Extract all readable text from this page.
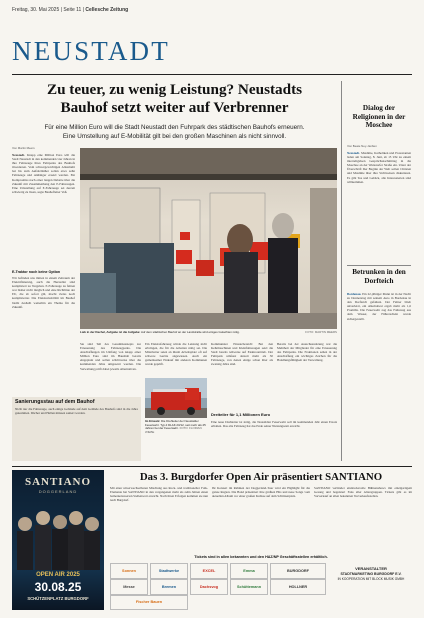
Freitag, 30. Mai 2025 | Seite 11 | Cellesche Zeitung
NEUSTADT
Zu teuer, zu wenig Leistung? Neustadts
Bauhof setzt weiter auf Verbrenner
Für eine Million Euro will die Stadt Neustadt den Fuhrpark des städtischen Bauhofs erneuern.
Eine Umstellung auf E-Mobilität gilt bei den großen Maschinen als nicht sinnvoll.
Von Martin Meers
Neustadt. Knapp eine Million Euro will die Stadt Neustadt in den kommenden vier Jahren in ihre Fahrzeuge ihres Fuhrparks des Bauhofs investieren. Vom schwergewichtigen Allesmulti bei bis zum Aufsitzmäher sollen etwa zehn Fahrzeuge und Anhänger ersetzt werden. Ein Kompromiss nach einer langen Debatte über die Zukunft mit Zusammenhang den E-Fahrzeugen. Eine Umstellung auf E-Fahrzeuge sei derzeit schwierig zu lösen, sagte Bauhofleiter Voß.
E-Traktor noch keine Option
Wir befinden uns mitten in einem Zeitraum der Elektrifizierung, auch die Hersteller sind kompliziert zu Vergeben. E-Fahrzeuge zu fahren war bisher nicht möglich und eine Richtlinie der EU, die ab sofort gilt, macht vieles noch komplizierter. Die Elektromobilität im Bauhof bleibt deshalb weiterhin ein Thema für die Zukunft.
Lieb in der Dachel, Aufgabe ist die Aufgabe: Auf dem städtischen Bauhof an der Landstraße wird einiges Gutachten nötig.	FOTO: MARTIN MEERS
Sie sind Teil des Gesamtkonzepts zur Erneuerung des Fahrzeugparks. Die Anschaffungen im Umfang von knapp einer Million Euro sind im Haushalt bereits eingeplant und sollen schrittweise über die kommenden Jahre umgesetzt werden. Die Verwaltung prüft dabei jeweils Alternativen.
Ein Elektrofahrzeug würde die Leistung nicht erbringen, die für die Arbeiten nötig sei. Die Mitarbeiter seien an ihrem Arbeitsplatz oft auf schwere Geräte angewiesen. Auch ein gemeinsamer Einkauf mit anderen Kommunen wurde geprüft.
Kommunaler Einsatzbereich: Bei den Kehrmaschinen und Kleinfahrzeugen setzt die Stadt bereits teilweise auf Elektroantrieb. Der Fuhrpark umfasst derzeit mehr als 30 Fahrzeuge, von denen einige schon älter als zwanzig Jahre sind.
Bereits bei der Ausschusssitzung war die Mehrheit der Mitglieder für eine Erneuerung des Fuhrparks. Die Fraktionen sehen in der Anschaffung ein wichtiges Zeichen für die Handlungsfähigkeit der Verwaltung.
Im Einsatz: Die Drehleiter der Neustädter Feuerwehr. Typ d DLAK 23/12, seit mehr als 25 Jahren bei der Feuerwehr. FOTO: FLORIAN WIEBE
Dreiteiler für 1,1 Millionen Euro
Eine neue Drehleiter ist nötig, die Neustädter Feuerwehr soll im kommenden Jahr einen Ersatz erhalten. Das alte Fahrzeug hat das Ende seiner Nutzungszeit erreicht.
Sanierungsstau auf dem Bauhof
Nicht nur die Fahrzeuge, auch einige Gebäude auf dem Gelände des Bauhofs sind in die Jahre gekommen. Dächer und Hallen müssen saniert werden.
Dialog der Religionen in der Moschee
Von Beate Ney-Janßen
Neustadt. Muslime, Katholiken und Protestanten laden am Sonntag, 8. Juni, ab 15 Uhr zu einem interreligiösen Gesprächsnachmittag in die Moschee an der Wunstorfer Straße ein. Unter der Überschrift Der Beginn der Welt sollen Christen und Muslime über ihre Sichtweisen diskutieren. Es gibt Tee und Gebäck, alle Interessierten sind willkommen.
Betrunken in den Dorfteich
Bordenau. Ein 22-jähriger Mann ist in der Nacht zu Donnerstag mit seinem Auto in Bordenau in den Dorfteich gefahren. Der Fahrer blieb unverletzt, ein Alkoholtest ergab mehr als 1,6 Promille. Die Feuerwehr zog das Fahrzeug aus dem Wasser, der Führerschein wurde sichergestellt.
SANTIANO
DOGGERLAND
OPEN AIR 2025
30.08.25
SCHÜTZENPLATZ BURGDORF
Das 3. Burgdorfer Open Air präsentiert SANTIANO
Mit einer unverwechselbaren Mischung aus Rock- und traditioneller Folk-Elemente hat SANTIANO in den vergangenen mehr als zehn Jahren einen bemerkenswerten Stellenwert erreicht. Nach ihren Erfolgen kommen sie nun nach Burgdorf.
Ihr Konzert im Rahmen der Doggerland-Tour wird ein Highlight für die ganze Region. Die Band präsentiert ihre größten Hits und neue Songs vom aktuellen Album vor einer großen Kulisse auf dem Schützenplatz.
SANTIANO verbindet eindrucksvolle Bühnenshows mit einzigartigem Gesang und begeistert Fans aller Altersgruppen. Tickets gibt es im Vorverkauf an allen bekannten Vorverkaufsstellen.
Tickets sind in allen bekannten und den HAZ/NP Geschäftsstellen erhältlich.
Sonnen	Stadtwerke	EXCEL	Emma	BURGDORF
Messe	Bremen	Dachsvog	Schüttemann	HOLLNER
Fischer Bauen
VERANSTALTER
STADTMARKETING BURGDORF E.V.
IN KOOPERATION MIT BLOCK MUSIK GMBH
